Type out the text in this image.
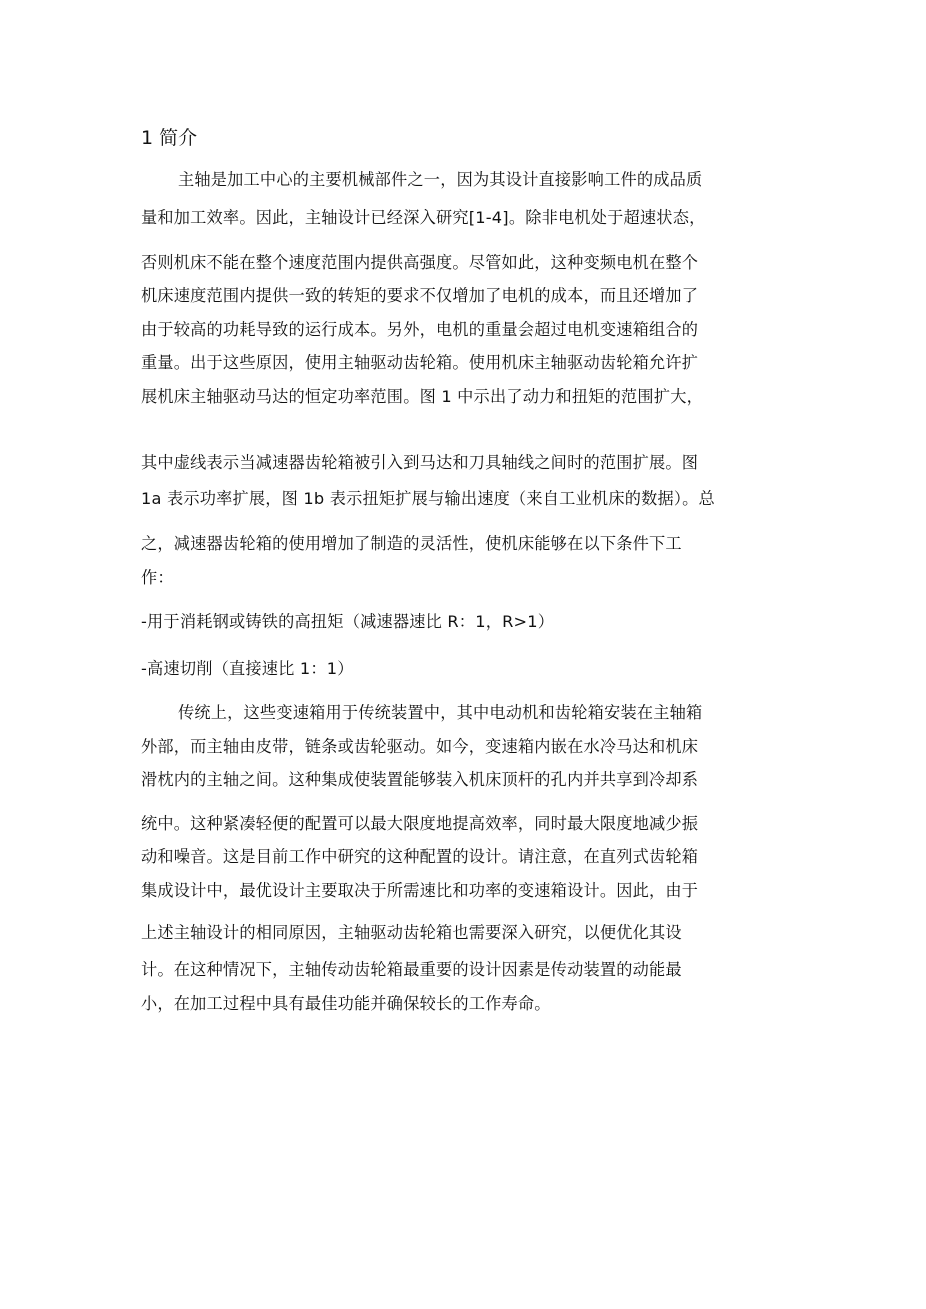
1 简介
主轴是加工中心的主要机械部件之一，因为其设计直接影响工件的成品质
量和加工效率。因此，主轴设计已经深入研究[1-4]。除非电机处于超速状态，
否则机床不能在整个速度范围内提供高强度。尽管如此，这种变频电机在整个
机床速度范围内提供一致的转矩的要求不仅增加了电机的成本，而且还增加了
由于较高的功耗导致的运行成本。另外，电机的重量会超过电机变速箱组合的
重量。出于这些原因，使用主轴驱动齿轮箱。使用机床主轴驱动齿轮箱允许扩
展机床主轴驱动马达的恒定功率范围。图 1 中示出了动力和扭矩的范围扩大，
其中虚线表示当减速器齿轮箱被引入到马达和刀具轴线之间时的范围扩展。图
1a 表示功率扩展，图 1b 表示扭矩扩展与输出速度（来自工业机床的数据）。总
之，减速器齿轮箱的使用增加了制造的灵活性，使机床能够在以下条件下工
作：
-用于消耗钢或铸铁的高扭矩（减速器速比 R：1，R>1）
-高速切削（直接速比 1：1）
传统上，这些变速箱用于传统装置中，其中电动机和齿轮箱安装在主轴箱
外部，而主轴由皮带，链条或齿轮驱动。如今，变速箱内嵌在水冷马达和机床
滑枕内的主轴之间。这种集成使装置能够装入机床顶杆的孔内并共享到冷却系
统中。这种紧凑轻便的配置可以最大限度地提高效率，同时最大限度地减少振
动和噪音。这是目前工作中研究的这种配置的设计。请注意，在直列式齿轮箱
集成设计中，最优设计主要取决于所需速比和功率的变速箱设计。因此，由于
上述主轴设计的相同原因，主轴驱动齿轮箱也需要深入研究，以便优化其设
计。在这种情况下，主轴传动齿轮箱最重要的设计因素是传动装置的动能最
小，在加工过程中具有最佳功能并确保较长的工作寿命。
